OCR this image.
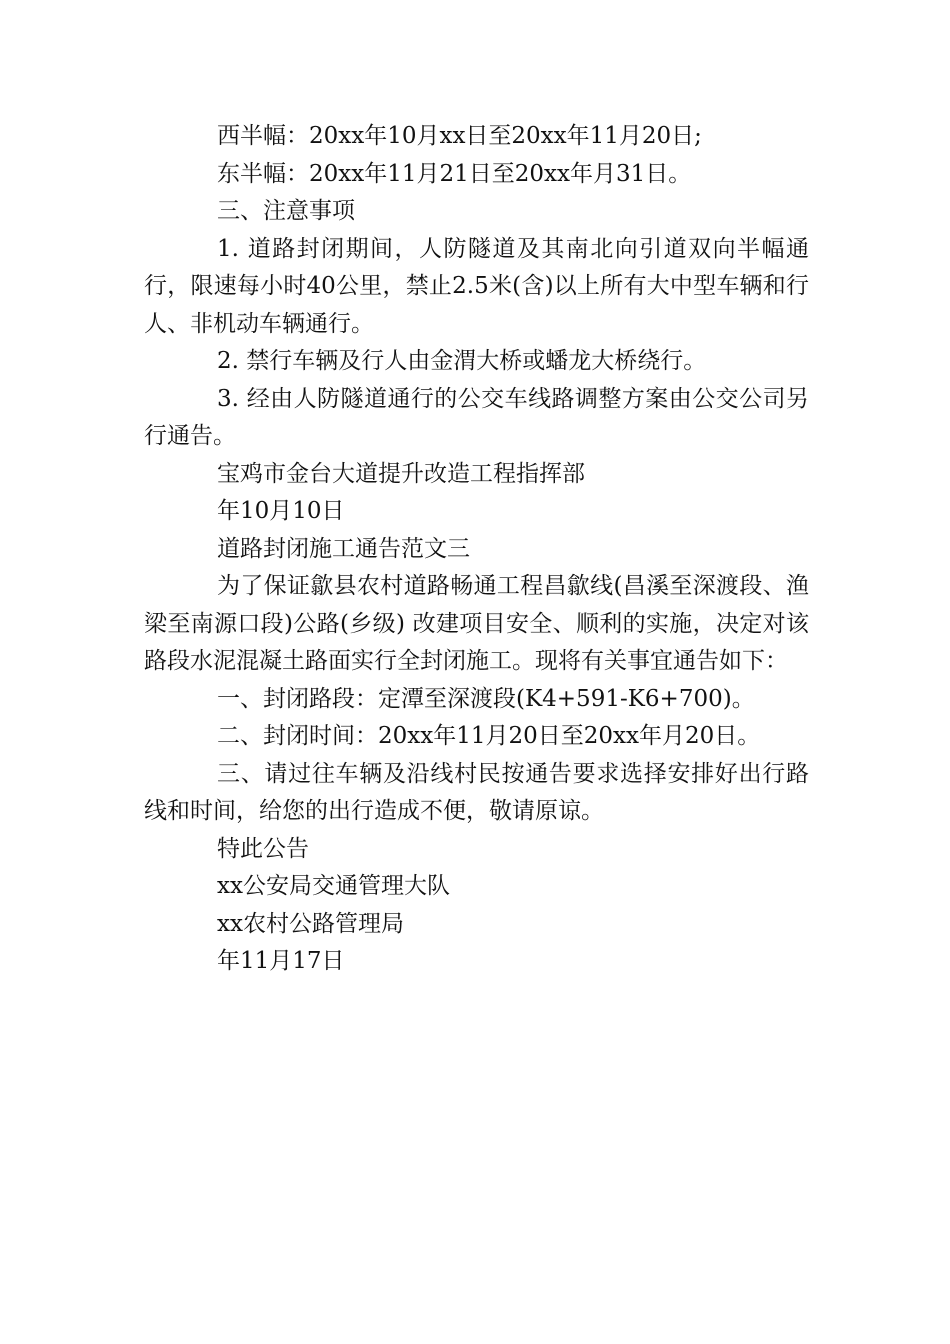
西半幅：20xx年10月xx日至20xx年11月20日;

东半幅：20xx年11月21日至20xx年月31日。

三、注意事项

1. 道路封闭期间，人防隧道及其南北向引道双向半幅通行，限速每小时40公里，禁止2.5米(含)以上所有大中型车辆和行人、非机动车辆通行。

2. 禁行车辆及行人由金渭大桥或蟠龙大桥绕行。

3. 经由人防隧道通行的公交车线路调整方案由公交公司另行通告。

宝鸡市金台大道提升改造工程指挥部

年10月10日

道路封闭施工通告范文三

为了保证歙县农村道路畅通工程昌歙线(昌溪至深渡段、渔梁至南源口段)公路(乡级) 改建项目安全、顺利的实施，决定对该路段水泥混凝土路面实行全封闭施工。现将有关事宜通告如下：

一、封闭路段：定潭至深渡段(K4+591-K6+700)。

二、封闭时间：20xx年11月20日至20xx年月20日。

三、请过往车辆及沿线村民按通告要求选择安排好出行路线和时间，给您的出行造成不便，敬请原谅。

特此公告

xx公安局交通管理大队

xx农村公路管理局

年11月17日
